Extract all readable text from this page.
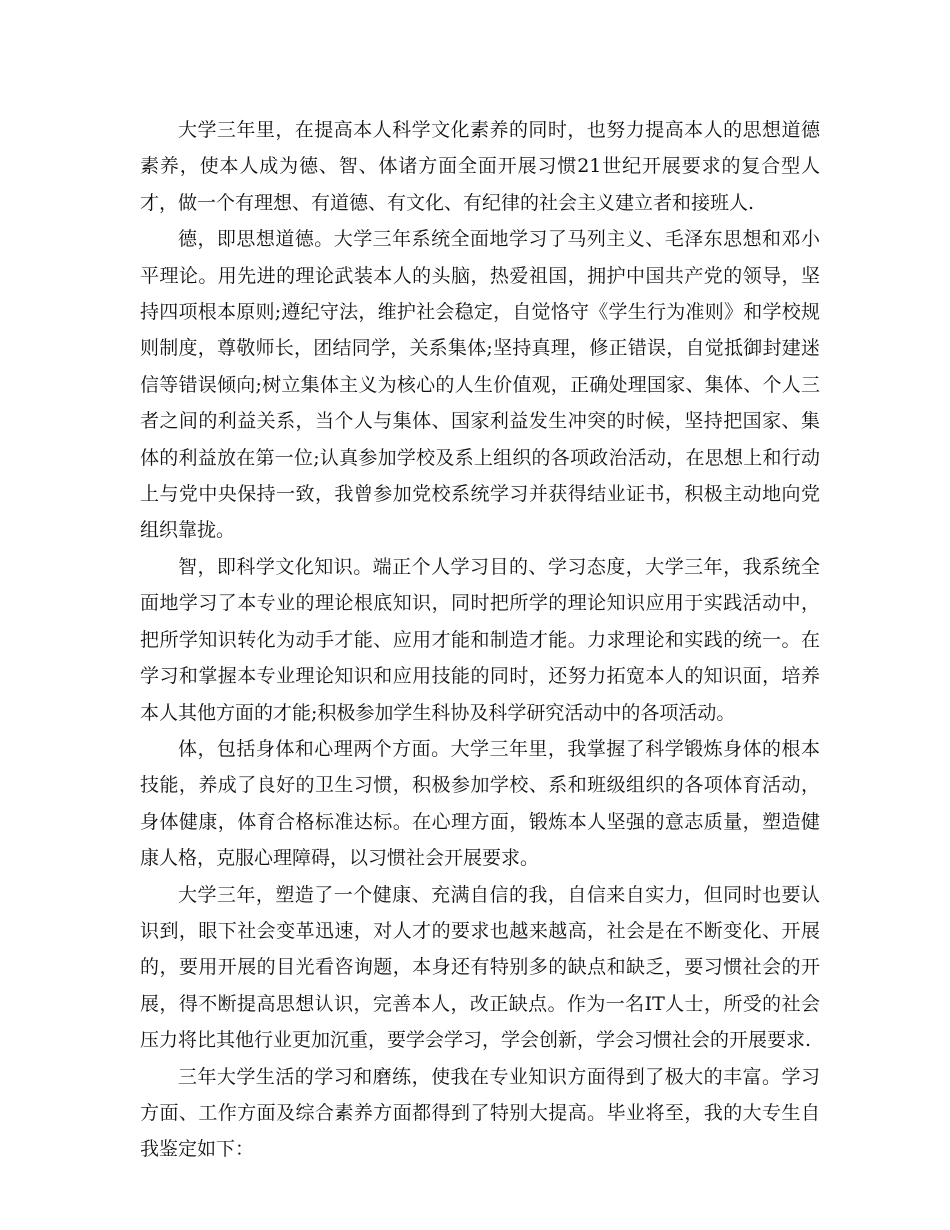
大学三年里，在提高本人科学文化素养的同时，也努力提高本人的思想道德素养，使本人成为德、智、体诸方面全面开展习惯21世纪开展要求的复合型人才，做一个有理想、有道德、有文化、有纪律的社会主义建立者和接班人.

德，即思想道德。大学三年系统全面地学习了马列主义、毛泽东思想和邓小平理论。用先进的理论武装本人的头脑，热爱祖国，拥护中国共产党的领导，坚持四项根本原则;遵纪守法，维护社会稳定，自觉恪守《学生行为准则》和学校规则制度，尊敬师长，团结同学，关系集体;坚持真理，修正错误，自觉抵御封建迷信等错误倾向;树立集体主义为核心的人生价值观，正确处理国家、集体、个人三者之间的利益关系，当个人与集体、国家利益发生冲突的时候，坚持把国家、集体的利益放在第一位;认真参加学校及系上组织的各项政治活动，在思想上和行动上与党中央保持一致，我曾参加党校系统学习并获得结业证书，积极主动地向党组织靠拢。

智，即科学文化知识。端正个人学习目的、学习态度，大学三年，我系统全面地学习了本专业的理论根底知识，同时把所学的理论知识应用于实践活动中，把所学知识转化为动手才能、应用才能和制造才能。力求理论和实践的统一。在学习和掌握本专业理论知识和应用技能的同时，还努力拓宽本人的知识面，培养本人其他方面的才能;积极参加学生科协及科学研究活动中的各项活动。

体，包括身体和心理两个方面。大学三年里，我掌握了科学锻炼身体的根本技能，养成了良好的卫生习惯，积极参加学校、系和班级组织的各项体育活动，身体健康，体育合格标准达标。在心理方面，锻炼本人坚强的意志质量，塑造健康人格，克服心理障碍，以习惯社会开展要求。

大学三年，塑造了一个健康、充满自信的我，自信来自实力，但同时也要认识到，眼下社会变革迅速，对人才的要求也越来越高，社会是在不断变化、开展的，要用开展的目光看咨询题，本身还有特别多的缺点和缺乏，要习惯社会的开展，得不断提高思想认识，完善本人，改正缺点。作为一名IT人士，所受的社会压力将比其他行业更加沉重，要学会学习，学会创新，学会习惯社会的开展要求.

三年大学生活的学习和磨练，使我在专业知识方面得到了极大的丰富。学习方面、工作方面及综合素养方面都得到了特别大提高。毕业将至，我的大专生自我鉴定如下：
